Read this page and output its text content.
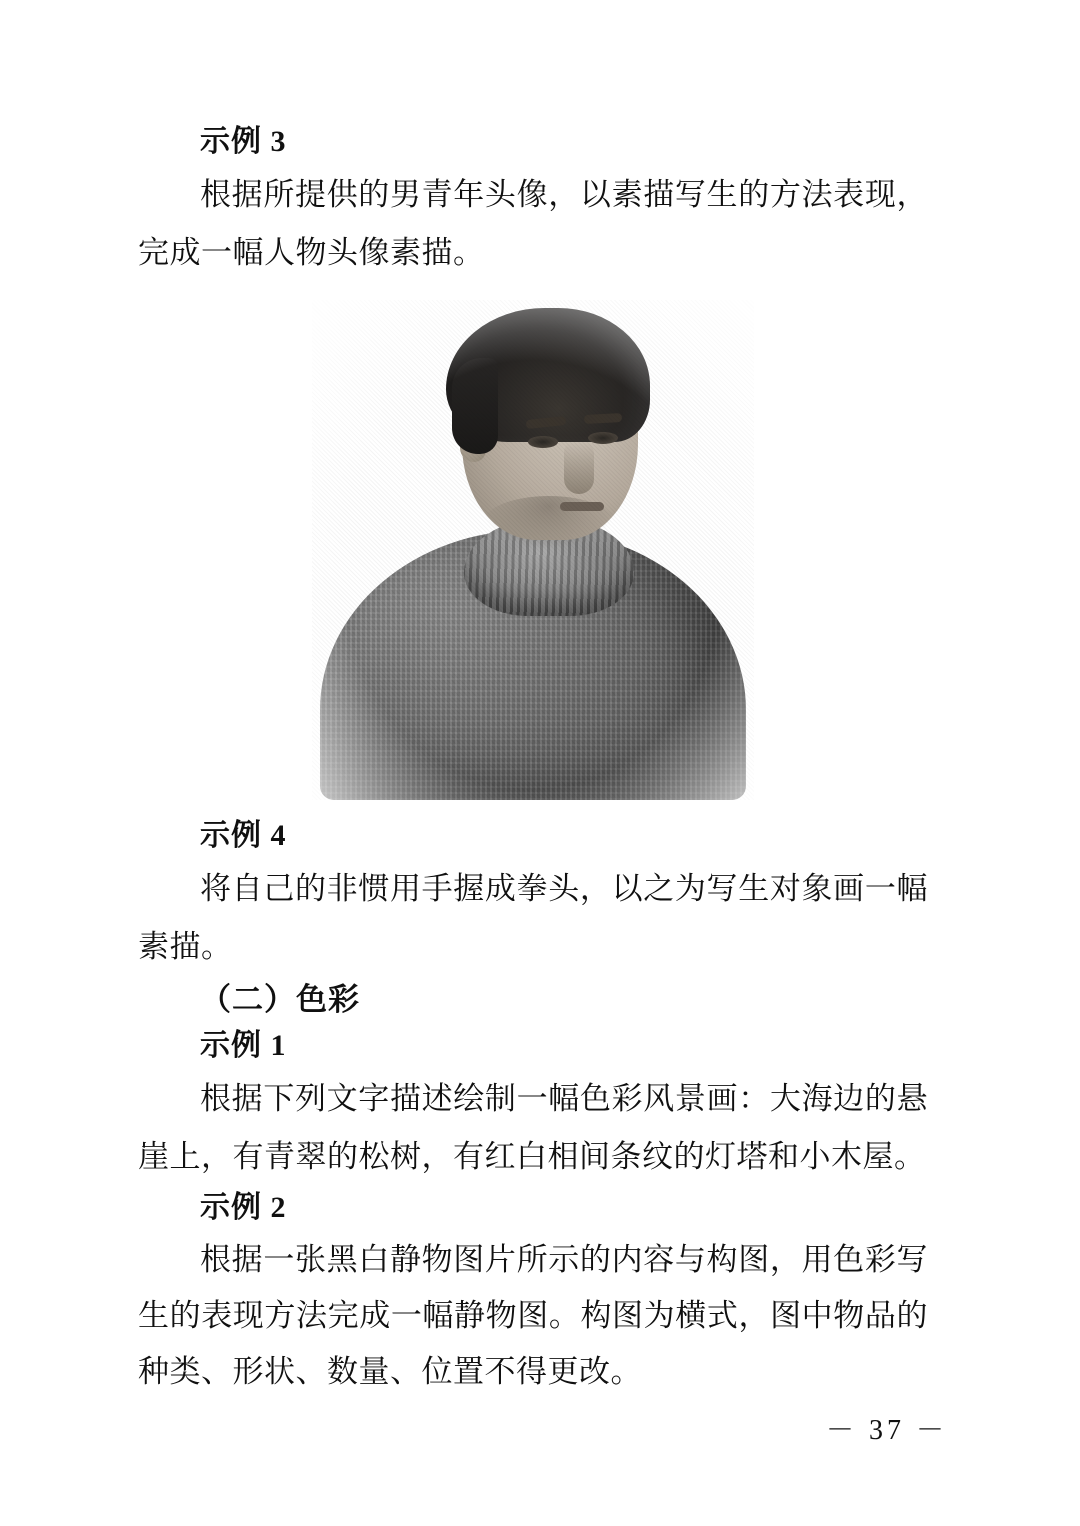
示例 3

根据所提供的男青年头像，以素描写生的方法表现，完成一幅人物头像素描。

示例 4

将自己的非惯用手握成拳头，以之为写生对象画一幅素描。

（二）色彩
示例 1

根据下列文字描述绘制一幅色彩风景画：大海边的悬崖上，有青翠的松树，有红白相间条纹的灯塔和小木屋。

示例 2

根据一张黑白静物图片所示的内容与构图，用色彩写生的表现方法完成一幅静物图。构图为横式，图中物品的种类、形状、数量、位置不得更改。

－ 37 －
